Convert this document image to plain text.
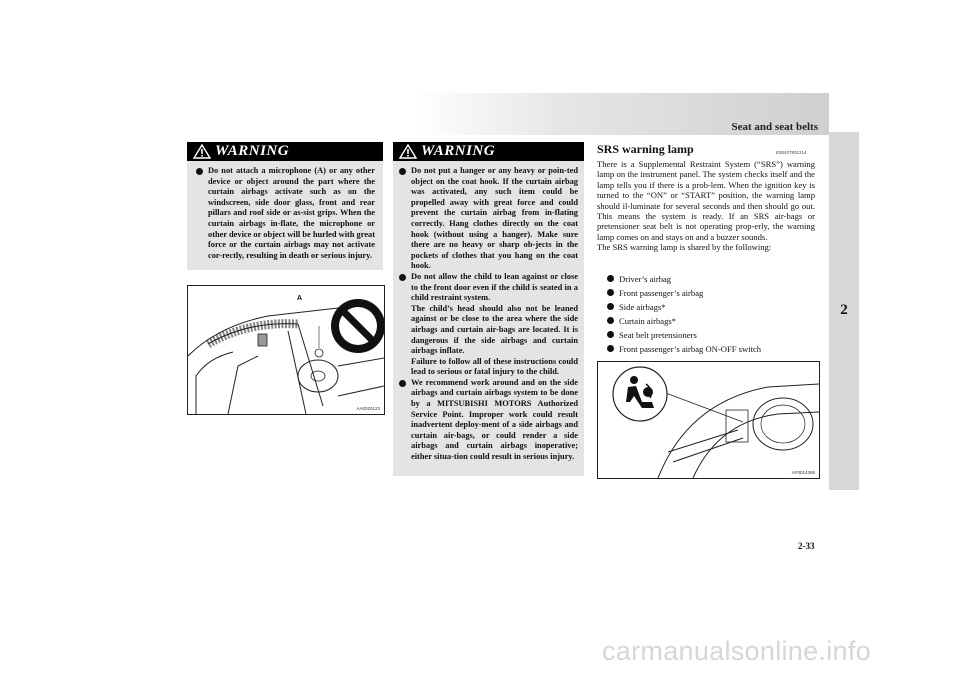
Seat and seat belts
2
WARNING
Do not attach a microphone (A) or any other device or object around the part where the curtain airbags activate such as on the windscreen, side door glass, front and rear pillars and roof side or as-sist grips. When the curtain airbags in-flate, the microphone or other device or object will be hurled with great force or the curtain airbags may not activate cor-rectly, resulting in death or serious injury.
A
AA0020123
WARNING
Do not put a hanger or any heavy or poin-ted object on the coat hook. If the curtain airbag was activated, any such item could be propelled away with great force and could prevent the curtain airbag from in-flating correctly. Hang clothes directly on the coat hook (without using a hanger). Make sure there are no heavy or sharp ob-jects in the pockets of clothes that you hang on the coat hook.
Do not allow the child to lean against or close to the front door even if the child is seated in a child restraint system.
The child’s head should also not be leaned against or be close to the area where the side airbags and curtain air-bags are located. It is dangerous if the side airbags and curtain airbags inflate.
Failure to follow all of these instructions could lead to serious or fatal injury to the child.
We recommend work around and on the side airbags and curtain airbags system to be done by a MITSUBISHI MOTORS Authorized Service Point. Improper work could result inadvertent deploy-ment of a side airbags and curtain air-bags, or could render a side airbags and curtain airbags inoperative; either situa-tion could result in serious injury.
SRS warning lamp	E00407801214
There is a Supplemental Restraint System (“SRS”) warning lamp on the instrument panel. The system checks itself and the lamp tells you if there is a prob-lem. When the ignition key is turned to the “ON” or “START” position, the warning lamp should il-luminate for several seconds and then should go out. This means the system is ready. If an SRS air-bags or pretensioner seat belt is not operating prop-erly, the warning lamp comes on and stays on and a buzzer sounds.
The SRS warning lamp is shared by the following:
Driver’s airbag
Front passenger’s airbag
Side airbags*
Curtain airbags*
Seat belt pretensioners
Front passenger’s airbag ON-OFF switch
AF0014365
2-33
carmanualsonline.info
